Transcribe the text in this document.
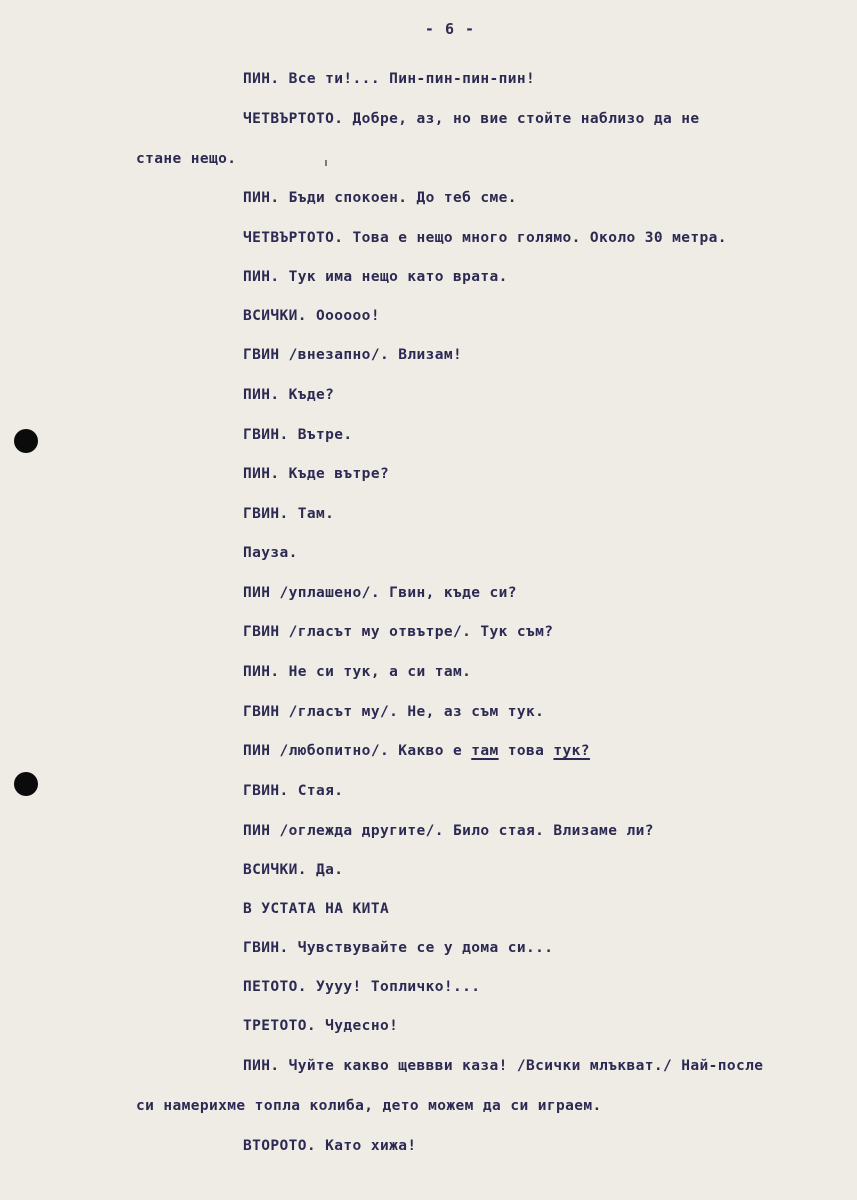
- 6 -
ПИН. Все ти!... Пин-пин-пин-пин!
ЧЕТВЪРТОТО. Добре, аз, но вие стойте наблизо да не
стане нещо.
ПИН. Бъди спокоен. До теб сме.
ЧЕТВЪРТОТО. Това е нещо много голямо. Около 30 метра.
ПИН. Тук има нещо като врата.
ВСИЧКИ. Оооооо!
ГВИН /внезапно/. Влизам!
ПИН. Къде?
ГВИН. Вътре.
ПИН. Къде вътре?
ГВИН. Там.
Пауза.
ПИН /уплашено/. Гвин, къде си?
ГВИН /гласът му отвътре/. Тук съм?
ПИН. Не си тук, а си там.
ГВИН /гласът му/. Не, аз съм тук.
ПИН /любопитно/. Какво е там това тук?
ГВИН. Стая.
ПИН /оглежда другите/. Било стая. Влизаме ли?
ВСИЧКИ. Да.
В УСТАТА НА КИТА
ГВИН. Чувствувайте се у дома си...
ПЕТОТО. Уууу! Топличко!...
ТРЕТОТО. Чудесно!
ПИН. Чуйте какво щеввви каза! /Всички млъкват./ Най-после
си намерихме топла колиба, дето можем да си играем.
ВТОРОТО. Като хижа!
